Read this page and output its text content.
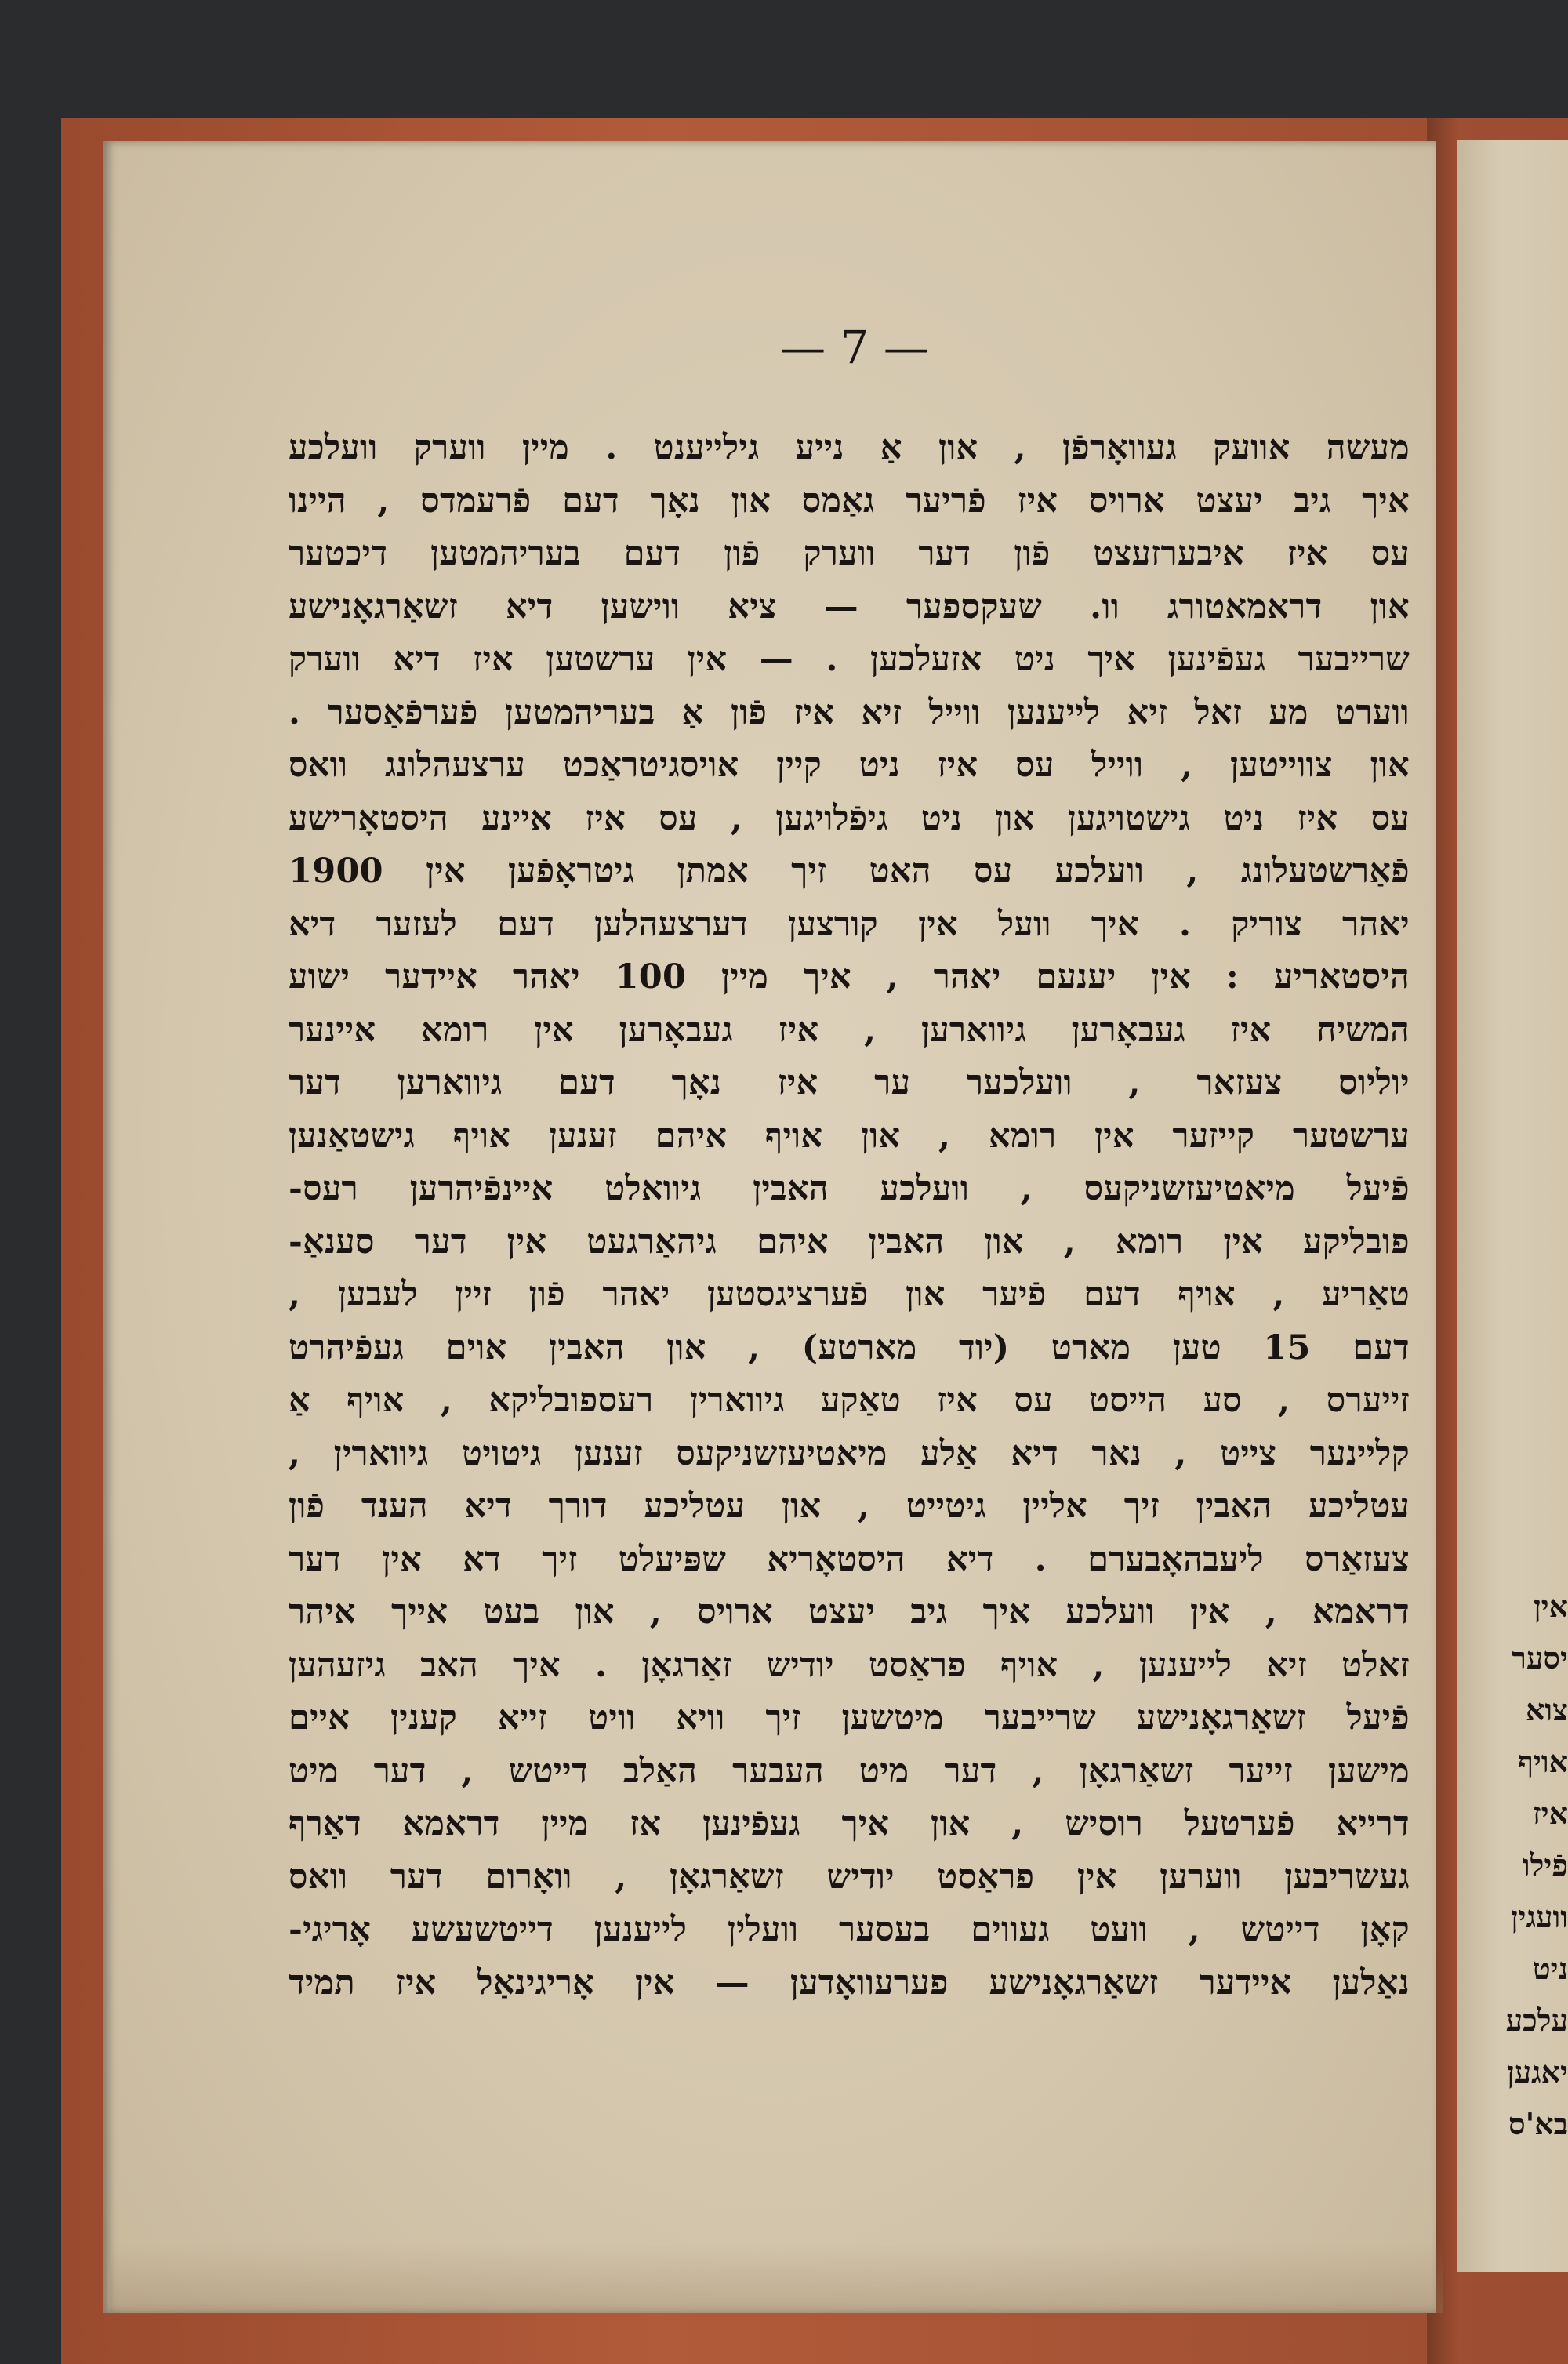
אין
יסער
צוא
אויף
איז
פֿילו
וועגין
ניט
עלכע
יאגען
בא'ס
— 7 —
מעשה אוועק געוואָרפֿן , און אַ נייע גילייענט . מיין ווערק וועלכע
איך גיב יעצט ארויס איז פֿריער גאַמס און נאָך דעם פֿרעמדס , היינו
עס איז איבערזעצט פֿון דער ווערק פֿון דעם בעריהמטען דיכטער
און דראמאטורג וו. שעקספער — ציא ווישען דיא זשאַרגאָנישע
שרייבער געפֿינען איך ניט אזעלכען . — אין ערשטען איז דיא ווערק
ווערט מע זאל זיא לייענען ווייל זיא איז פֿון אַ בעריהמטען פֿערפֿאַסער .
און צווייטען , ווייל עס איז ניט קיין אויסגיטראַכט ערצעהלונג וואס
עס איז ניט גישטויגען און ניט גיפֿלויגען , עס איז איינע היסטאָרישע
פֿאַרשטעלונג , וועלכע עס האט זיך אמתן גיטראָפֿען אין 1900
יאהר צוריק . איך וועל אין קורצען דערצעהלען דעם לעזער דיא
היסטאריע : אין יענעם יאהר , איך מיין 100 יאהר איידער ישוע
המשיח איז געבאָרען גיווארען , איז געבאָרען אין רומא איינער
יוליוס צעזאר , וועלכער ער איז נאָך דעם גיווארען דער
ערשטער קייזער אין רומא , און אויף איהם זענען אויף גישטאַנען
פֿיעל מיאטיעזשניקעס , וועלכע האבין גיוואלט איינפֿיהרען רעס-
פובליקע אין רומא , און האבין איהם גיהאַרגעט אין דער סענאַ-
טאַריע , אויף דעם פֿיער און פֿערציגסטען יאהר פֿון זיין לעבען ,
דעם 15 טען מארט (יוד מארטע) , און האבין אוים געפֿיהרט
זייערס , סע הייסט עס איז טאַקע גיווארין רעספובליקא , אויף אַ
קליינער צייט , נאר דיא אַלע מיאטיעזשניקעס זענען גיטויט גיווארין ,
עטליכע האבין זיך אליין גיטייט , און עטליכע דורך דיא הענד פֿון
צעזאַרס ליעבהאָבערם . דיא היסטאָריא שפּיעלט זיך דא אין דער
דראמא , אין וועלכע איך גיב יעצט ארויס , און בעט אייך איהר
זאלט זיא לייענען , אויף פראַסט יודיש זאַרגאָן . איך האב גיזעהען
פֿיעל זשאַרגאָנישע שרייבער מיטשען זיך וויא וויט זייא קענין איים
מישען זייער זשאַרגאָן , דער מיט העבער האַלב דייטש , דער מיט
דרייא פֿערטעל רוסיש , און איך געפֿינען אז מיין דראמא דאַרף
געשריבען ווערען אין פראַסט יודיש זשאַרגאָן , וואָרום דער וואס
קאָן דייטש , וועט געווים בעסער וועלין לייענען דייטשעשע אָריגי-
נאַלען איידער זשאַרגאָנישע פערעוואָדען — אין אָריגינאַל איז תמיד
